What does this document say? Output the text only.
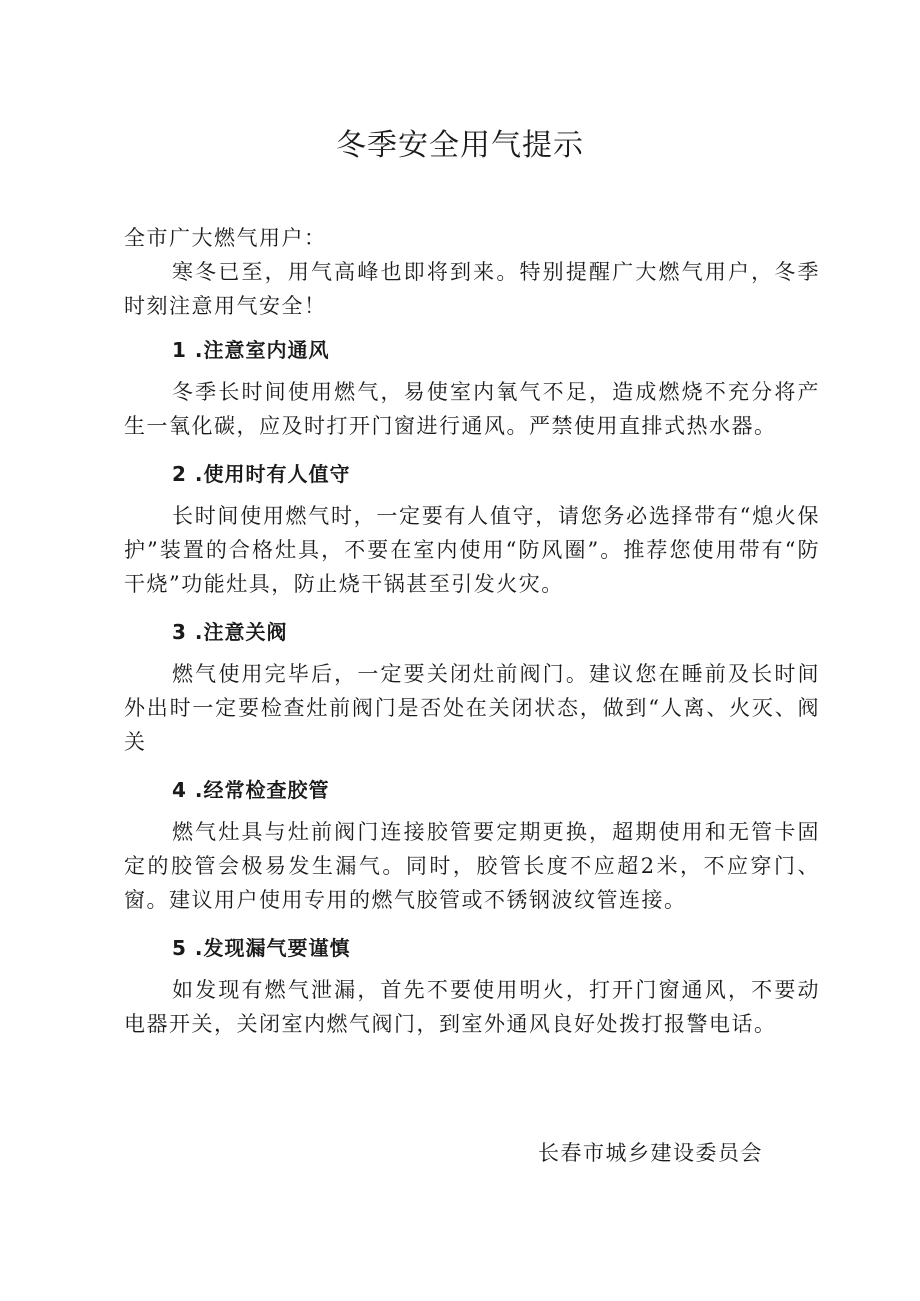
冬季安全用气提示

全市广大燃气用户：

寒冬已至，用气高峰也即将到来。特别提醒广大燃气用户，冬季时刻注意用气安全！

1 .注意室内通风

冬季长时间使用燃气，易使室内氧气不足，造成燃烧不充分将产生一氧化碳，应及时打开门窗进行通风。严禁使用直排式热水器。

2 .使用时有人值守

长时间使用燃气时，一定要有人值守，请您务必选择带有“熄火保护”装置的合格灶具，不要在室内使用“防风圈”。推荐您使用带有“防干烧”功能灶具，防止烧干锅甚至引发火灾。

3 .注意关阀

燃气使用完毕后，一定要关闭灶前阀门。建议您在睡前及长时间外出时一定要检查灶前阀门是否处在关闭状态，做到“人离、火灭、阀关

4 .经常检查胶管

燃气灶具与灶前阀门连接胶管要定期更换，超期使用和无管卡固定的胶管会极易发生漏气。同时，胶管长度不应超2米，不应穿门、窗。建议用户使用专用的燃气胶管或不锈钢波纹管连接。

5 .发现漏气要谨慎

如发现有燃气泄漏，首先不要使用明火，打开门窗通风，不要动电器开关，关闭室内燃气阀门，到室外通风良好处拨打报警电话。

长春市城乡建设委员会
